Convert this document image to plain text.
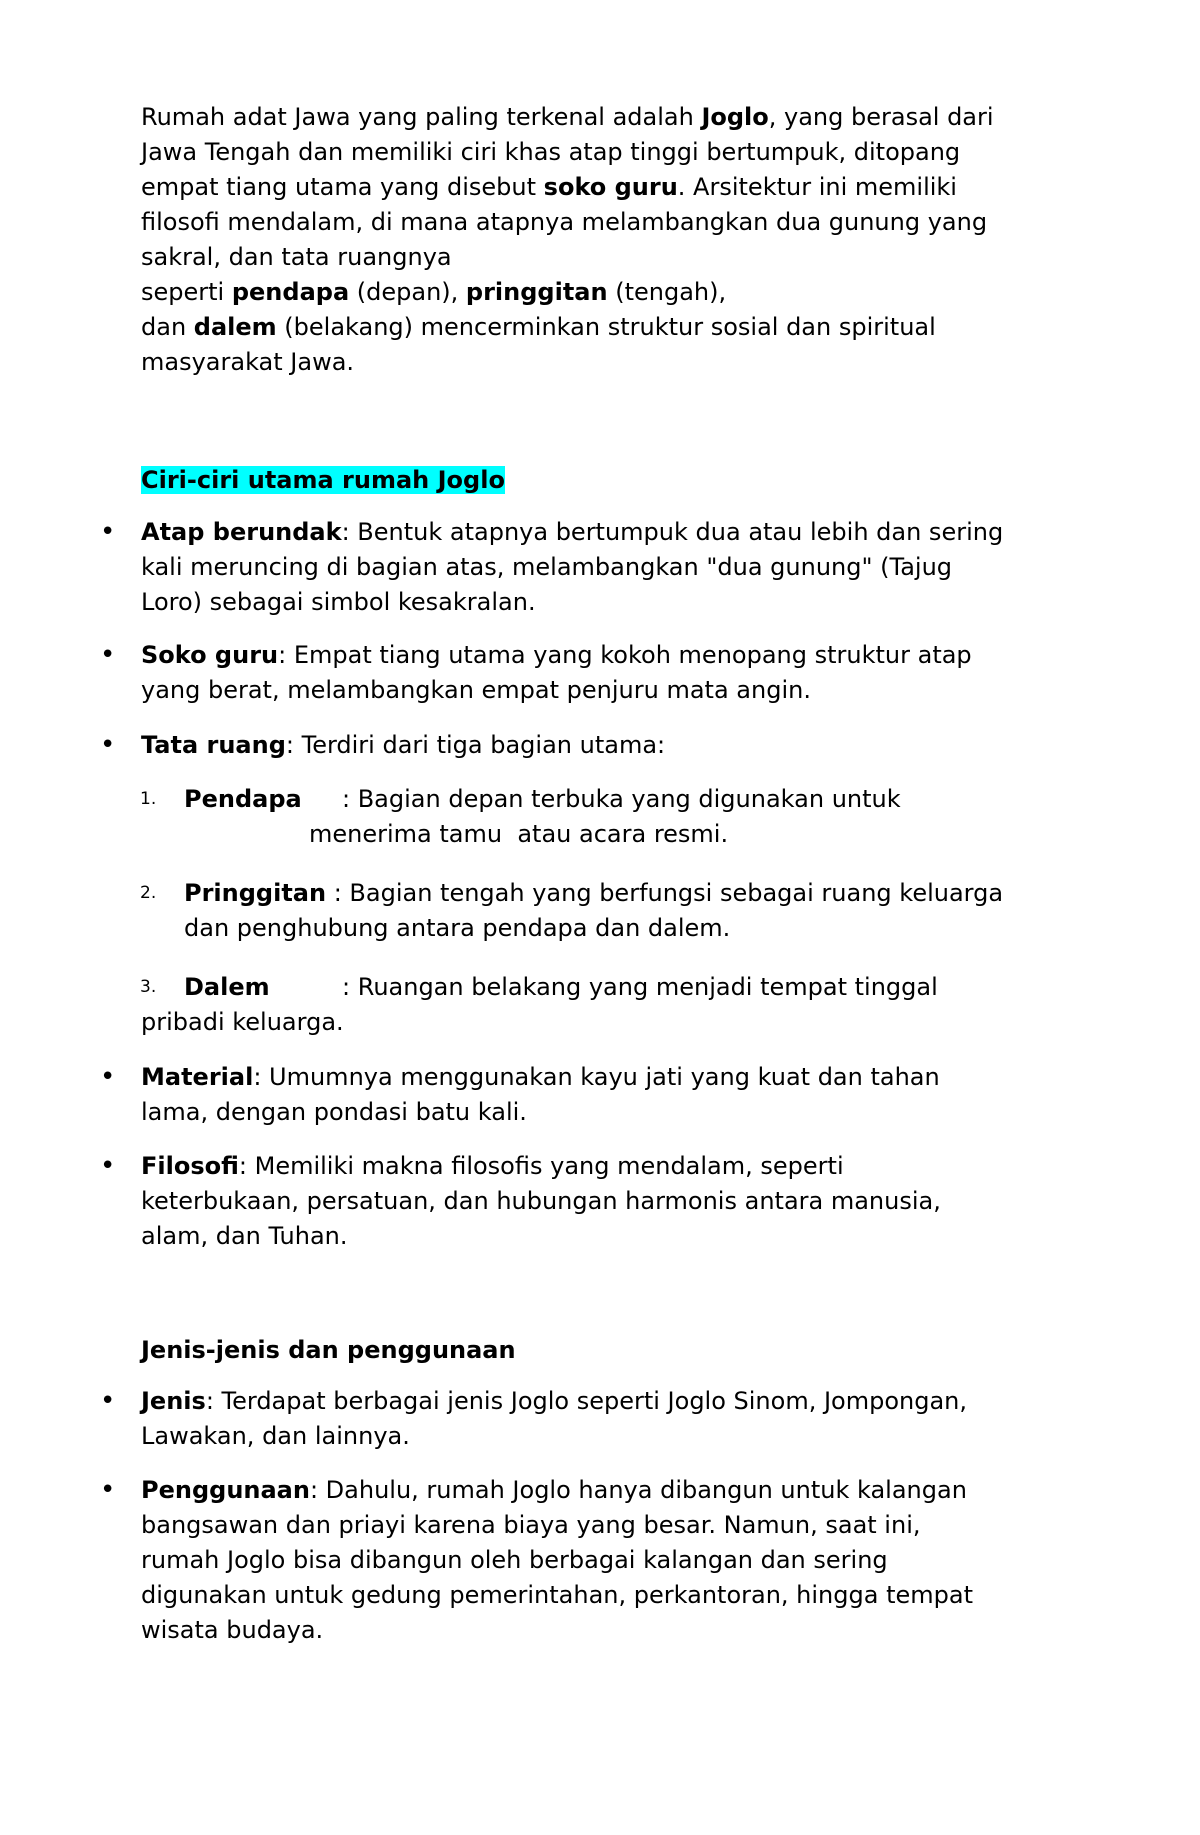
Rumah adat Jawa yang paling terkenal adalah Joglo, yang berasal dari
Jawa Tengah dan memiliki ciri khas atap tinggi bertumpuk, ditopang
empat tiang utama yang disebut soko guru. Arsitektur ini memiliki
filosofi mendalam, di mana atapnya melambangkan dua gunung yang
sakral, dan tata ruangnya
seperti pendapa (depan), pringgitan (tengah),
dan dalem (belakang) mencerminkan struktur sosial dan spiritual
masyarakat Jawa.
Ciri-ciri utama rumah Joglo
• Atap berundak: Bentuk atapnya bertumpuk dua atau lebih dan sering
kali meruncing di bagian atas, melambangkan "dua gunung" (Tajug
Loro) sebagai simbol kesakralan.
• Soko guru: Empat tiang utama yang kokoh menopang struktur atap
yang berat, melambangkan empat penjuru mata angin.
• Tata ruang: Terdiri dari tiga bagian utama:
1. Pendapa : Bagian depan terbuka yang digunakan untuk
menerima tamu  atau acara resmi.
2. Pringgitan : Bagian tengah yang berfungsi sebagai ruang keluarga
dan penghubung antara pendapa dan dalem.
3. Dalem	: Ruangan belakang yang menjadi tempat tinggal
pribadi keluarga.
• Material: Umumnya menggunakan kayu jati yang kuat dan tahan
lama, dengan pondasi batu kali.
• Filosofi: Memiliki makna filosofis yang mendalam, seperti
keterbukaan, persatuan, dan hubungan harmonis antara manusia,
alam, dan Tuhan.
Jenis-jenis dan penggunaan
• Jenis: Terdapat berbagai jenis Joglo seperti Joglo Sinom, Jompongan,
Lawakan, dan lainnya.
• Penggunaan: Dahulu, rumah Joglo hanya dibangun untuk kalangan
bangsawan dan priayi karena biaya yang besar. Namun, saat ini,
rumah Joglo bisa dibangun oleh berbagai kalangan dan sering
digunakan untuk gedung pemerintahan, perkantoran, hingga tempat
wisata budaya.
